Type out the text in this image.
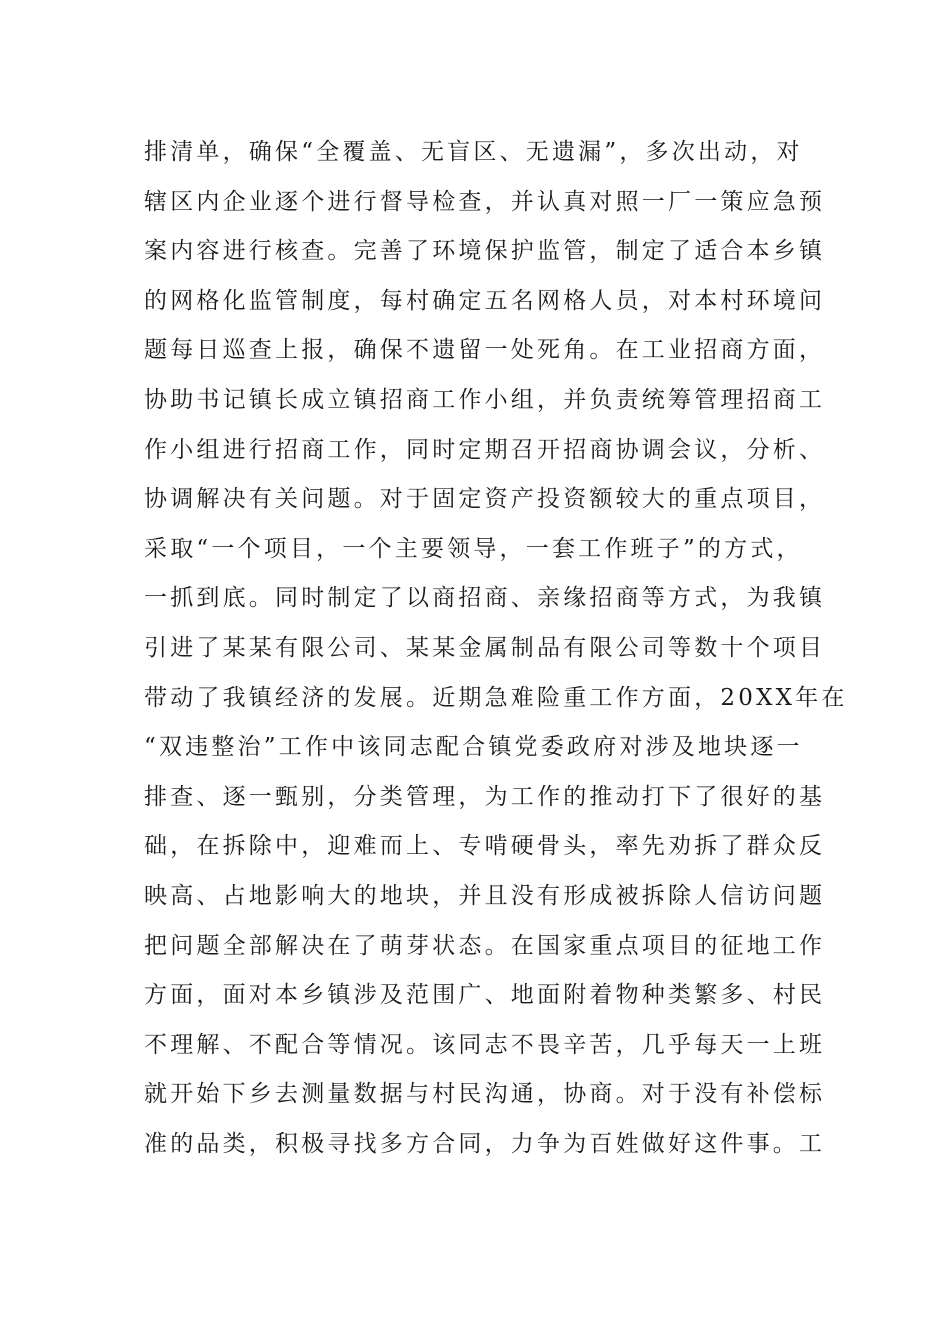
排清单，确保“全覆盖、无盲区、无遗漏”，多次出动，对
辖区内企业逐个进行督导检查，并认真对照一厂一策应急预
案内容进行核查。完善了环境保护监管，制定了适合本乡镇
的网格化监管制度，每村确定五名网格人员，对本村环境问
题每日巡查上报，确保不遗留一处死角。在工业招商方面，
协助书记镇长成立镇招商工作小组，并负责统筹管理招商工
作小组进行招商工作，同时定期召开招商协调会议，分析、
协调解决有关问题。对于固定资产投资额较大的重点项目，
采取“一个项目，一个主要领导，一套工作班子”的方式，
一抓到底。同时制定了以商招商、亲缘招商等方式，为我镇
引进了某某有限公司、某某金属制品有限公司等数十个项目
带动了我镇经济的发展。近期急难险重工作方面，20XX年在
“双违整治”工作中该同志配合镇党委政府对涉及地块逐一
排查、逐一甄别，分类管理，为工作的推动打下了很好的基
础，在拆除中，迎难而上、专啃硬骨头，率先劝拆了群众反
映高、占地影响大的地块，并且没有形成被拆除人信访问题
把问题全部解决在了萌芽状态。在国家重点项目的征地工作
方面，面对本乡镇涉及范围广、地面附着物种类繁多、村民
不理解、不配合等情况。该同志不畏辛苦，几乎每天一上班
就开始下乡去测量数据与村民沟通，协商。对于没有补偿标
准的品类，积极寻找多方合同，力争为百姓做好这件事。工
